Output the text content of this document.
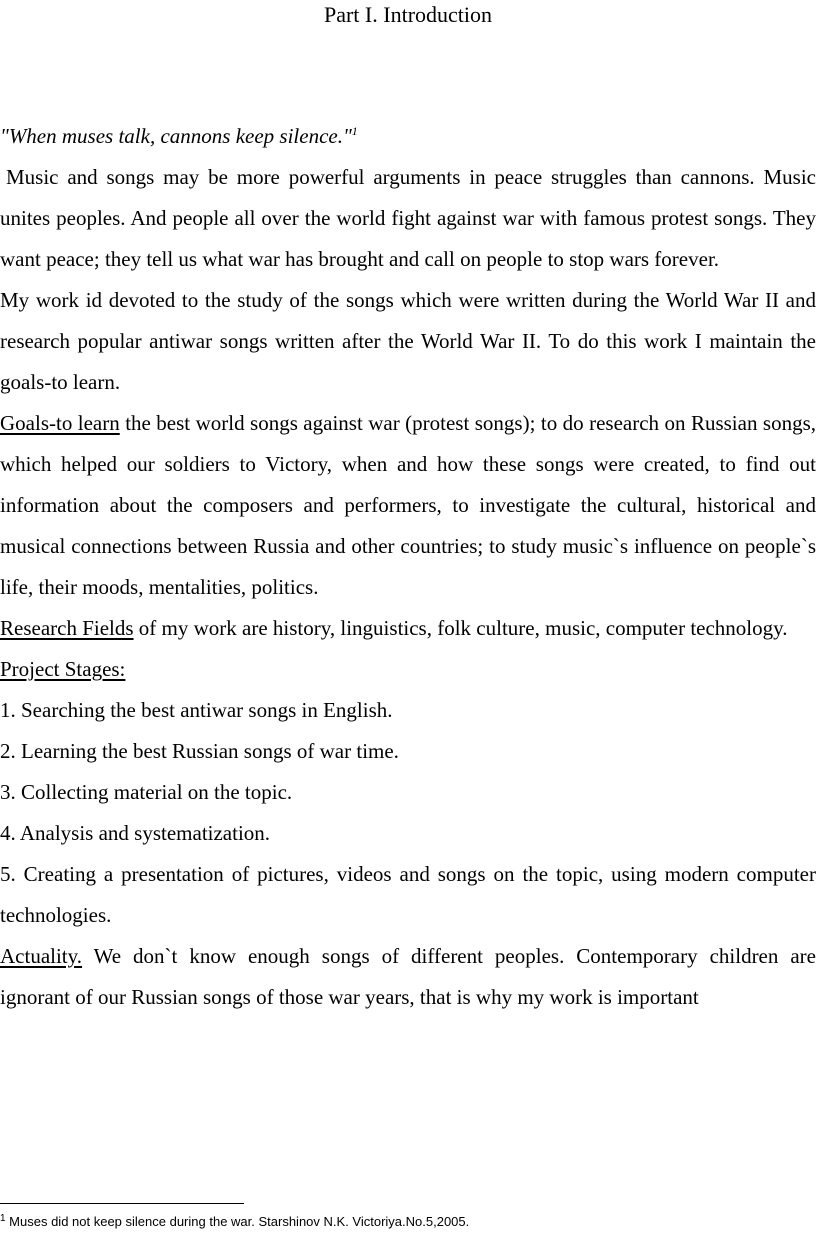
Part I. Introduction

"When muses talk, cannons keep silence."$^1$

Music and songs may be more powerful arguments in peace struggles than cannons. Music unites peoples. And people all over the world fight against war with famous protest songs. They want peace; they tell us what war has brought and call on people to stop wars forever.

My work id devoted to the study of the songs which were written during the World War II and research popular antiwar songs written after the World War II. To do this work I maintain the goals-to learn.

Goals-to learn the best world songs against war (protest songs); to do research on Russian songs, which helped our soldiers to Victory, when and how these songs were created, to find out information about the composers and performers, to investigate the cultural, historical and musical connections between Russia and other countries; to study music`s influence on people`s life, their moods, mentalities, politics.

Research Fields of my work are history, linguistics, folk culture, music, computer technology.

Project Stages:

1. Searching the best antiwar songs in English.

2. Learning the best Russian songs of war time.

3. Collecting material on the topic.

4. Analysis and systematization.

5. Creating a presentation of pictures, videos and songs on the topic, using modern computer technologies.

Actuality. We don`t know enough songs of different peoples. Contemporary children are ignorant of our Russian songs of those war years, that is why my work is important

$^1$ Muses did not keep silence during the war. Starshinov N.K. Victoriya.No.5,2005.
